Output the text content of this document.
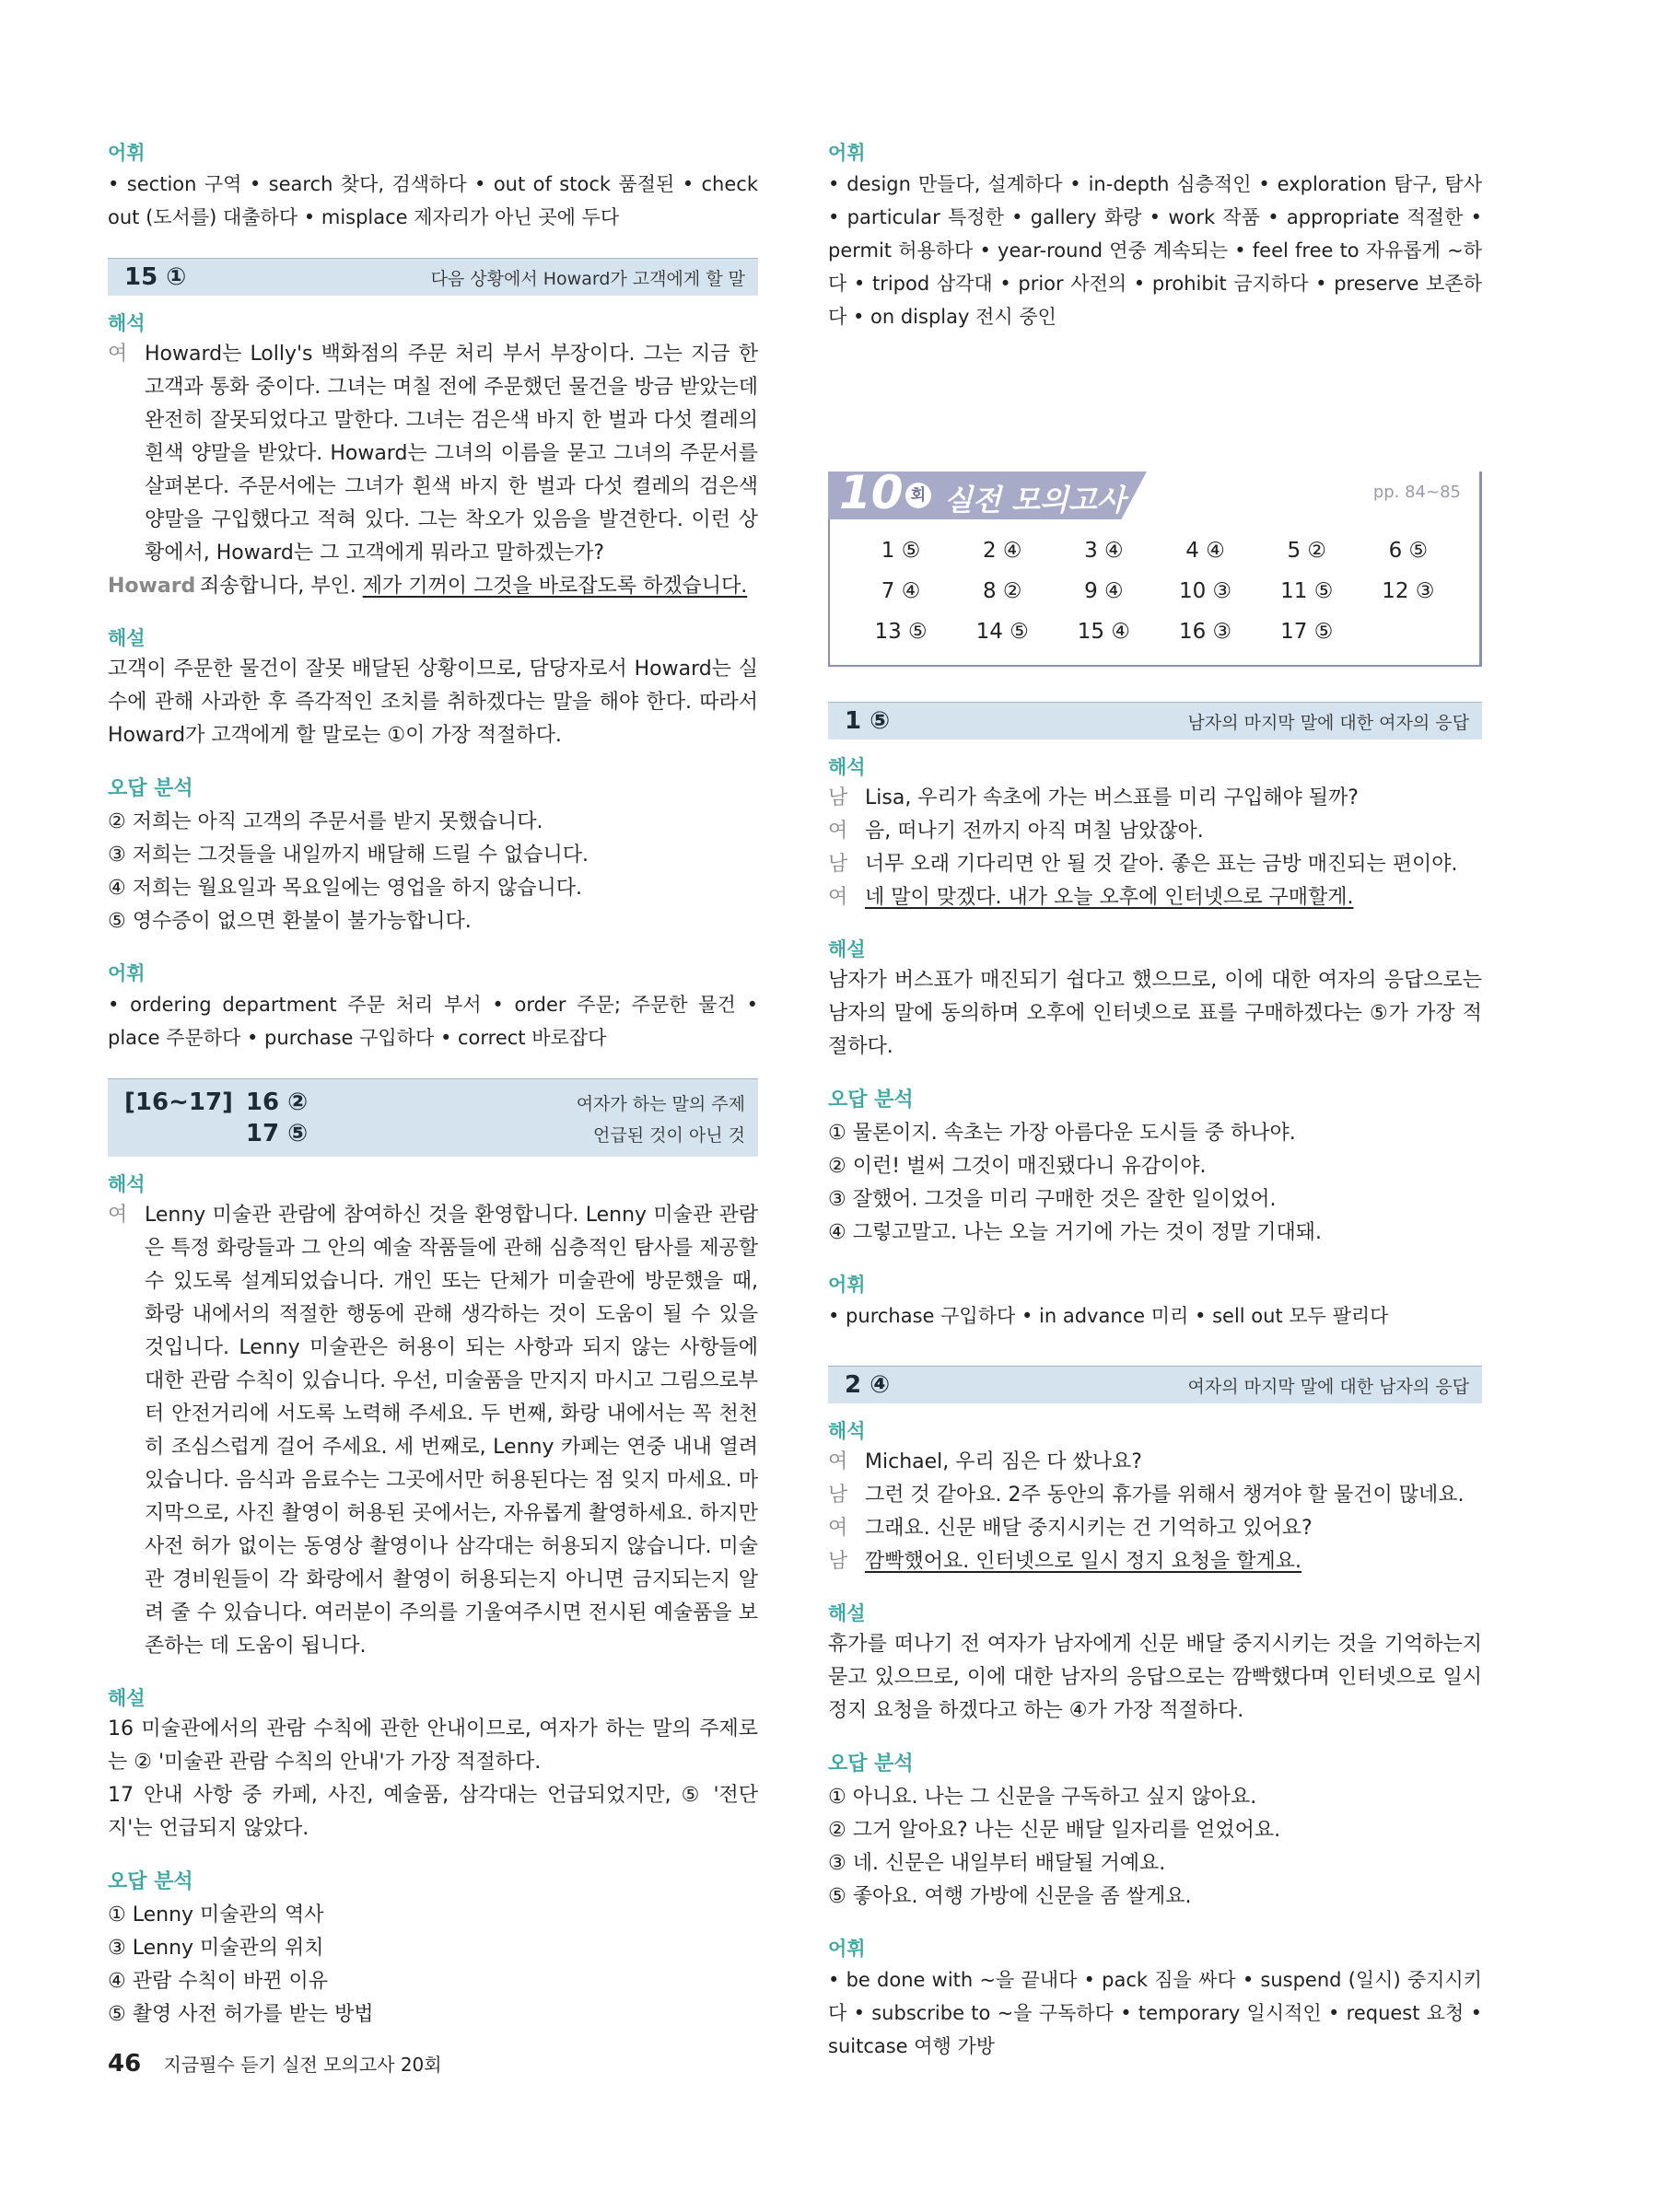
어휘

• section 구역 • search 찾다, 검색하다 • out of stock 품절된 • check out (도서를) 대출하다 • misplace 제자리가 아닌 곳에 두다

15 ①	다음 상황에서 Howard가 고객에게 할 말

해석

여 Howard는 Lolly's 백화점의 주문 처리 부서 부장이다. 그는 지금 한 고객과 통화 중이다. 그녀는 며칠 전에 주문했던 물건을 방금 받았는데 완전히 잘못되었다고 말한다. 그녀는 검은색 바지 한 벌과 다섯 켤레의 흰색 양말을 받았다. Howard는 그녀의 이름을 묻고 그녀의 주문서를 살펴본다. 주문서에는 그녀가 흰색 바지 한 벌과 다섯 켤레의 검은색 양말을 구입했다고 적혀 있다. 그는 착오가 있음을 발견한다. 이런 상황에서, Howard는 그 고객에게 뭐라고 말하겠는가?
Howard 죄송합니다, 부인. 제가 기꺼이 그것을 바로잡도록 하겠습니다.

해설

고객이 주문한 물건이 잘못 배달된 상황이므로, 담당자로서 Howard는 실수에 관해 사과한 후 즉각적인 조치를 취하겠다는 말을 해야 한다. 따라서 Howard가 고객에게 할 말로는 ①이 가장 적절하다.

오답 분석

② 저희는 아직 고객의 주문서를 받지 못했습니다.

③ 저희는 그것들을 내일까지 배달해 드릴 수 없습니다.

④ 저희는 월요일과 목요일에는 영업을 하지 않습니다.

⑤ 영수증이 없으면 환불이 불가능합니다.

어휘

• ordering department 주문 처리 부서 • order 주문; 주문한 물건 • place 주문하다 • purchase 구입하다 • correct 바로잡다

[16~17] 16 ②	여자가 하는 말의 주제
17 ⑤	언급된 것이 아닌 것

해석

여 Lenny 미술관 관람에 참여하신 것을 환영합니다. Lenny 미술관 관람은 특정 화랑들과 그 안의 예술 작품들에 관해 심층적인 탐사를 제공할 수 있도록 설계되었습니다. 개인 또는 단체가 미술관에 방문했을 때, 화랑 내에서의 적절한 행동에 관해 생각하는 것이 도움이 될 수 있을 것입니다. Lenny 미술관은 허용이 되는 사항과 되지 않는 사항들에 대한 관람 수칙이 있습니다. 우선, 미술품을 만지지 마시고 그림으로부터 안전거리에 서도록 노력해 주세요. 두 번째, 화랑 내에서는 꼭 천천히 조심스럽게 걸어 주세요. 세 번째로, Lenny 카페는 연중 내내 열려 있습니다. 음식과 음료수는 그곳에서만 허용된다는 점 잊지 마세요. 마지막으로, 사진 촬영이 허용된 곳에서는, 자유롭게 촬영하세요. 하지만 사전 허가 없이는 동영상 촬영이나 삼각대는 허용되지 않습니다. 미술관 경비원들이 각 화랑에서 촬영이 허용되는지 아니면 금지되는지 알려 줄 수 있습니다. 여러분이 주의를 기울여주시면 전시된 예술품을 보존하는 데 도움이 됩니다.

해설

16 미술관에서의 관람 수칙에 관한 안내이므로, 여자가 하는 말의 주제로는 ② '미술관 관람 수칙의 안내'가 가장 적절하다.

17 안내 사항 중 카페, 사진, 예술품, 삼각대는 언급되었지만, ⑤ '전단지'는 언급되지 않았다.

오답 분석

① Lenny 미술관의 역사

③ Lenny 미술관의 위치

④ 관람 수칙이 바뀐 이유

⑤ 촬영 사전 허가를 받는 방법

어휘

• design 만들다, 설계하다 • in-depth 심층적인 • exploration 탐구, 탐사 • particular 특정한 • gallery 화랑 • work 작품 • appropriate 적절한 • permit 허용하다 • year-round 연중 계속되는 • feel free to 자유롭게 ~하다 • tripod 삼각대 • prior 사전의 • prohibit 금지하다 • preserve 보존하다 • on display 전시 중인

10 회 실전 모의고사	pp. 84~85
1 ⑤	2 ④	3 ④	4 ④	5 ②	6 ⑤
7 ④	8 ②	9 ④	10 ③	11 ⑤	12 ③
13 ⑤	14 ⑤	15 ④	16 ③	17 ⑤
1 ⑤	남자의 마지막 말에 대한 여자의 응답

해석

남 Lisa, 우리가 속초에 가는 버스표를 미리 구입해야 될까?
여 음, 떠나기 전까지 아직 며칠 남았잖아.
남 너무 오래 기다리면 안 될 것 같아. 좋은 표는 금방 매진되는 편이야.
여 네 말이 맞겠다. 내가 오늘 오후에 인터넷으로 구매할게.

해설

남자가 버스표가 매진되기 쉽다고 했으므로, 이에 대한 여자의 응답으로는 남자의 말에 동의하며 오후에 인터넷으로 표를 구매하겠다는 ⑤가 가장 적절하다.

오답 분석

① 물론이지. 속초는 가장 아름다운 도시들 중 하나야.

② 이런! 벌써 그것이 매진됐다니 유감이야.

③ 잘했어. 그것을 미리 구매한 것은 잘한 일이었어.

④ 그렇고말고. 나는 오늘 거기에 가는 것이 정말 기대돼.

어휘

• purchase 구입하다 • in advance 미리 • sell out 모두 팔리다

2 ④	여자의 마지막 말에 대한 남자의 응답

해석

여 Michael, 우리 짐은 다 쌌나요?
남 그런 것 같아요. 2주 동안의 휴가를 위해서 챙겨야 할 물건이 많네요.
여 그래요. 신문 배달 중지시키는 건 기억하고 있어요?
남 깜빡했어요. 인터넷으로 일시 정지 요청을 할게요.

해설

휴가를 떠나기 전 여자가 남자에게 신문 배달 중지시키는 것을 기억하는지 묻고 있으므로, 이에 대한 남자의 응답으로는 깜빡했다며 인터넷으로 일시 정지 요청을 하겠다고 하는 ④가 가장 적절하다.

오답 분석

① 아니요. 나는 그 신문을 구독하고 싶지 않아요.

② 그거 알아요? 나는 신문 배달 일자리를 얻었어요.

③ 네. 신문은 내일부터 배달될 거예요.

⑤ 좋아요. 여행 가방에 신문을 좀 쌀게요.

어휘

• be done with ~을 끝내다 • pack 짐을 싸다 • suspend (일시) 중지시키다 • subscribe to ~을 구독하다 • temporary 일시적인 • request 요청 • suitcase 여행 가방

46 지금필수 듣기 실전 모의고사 20회
